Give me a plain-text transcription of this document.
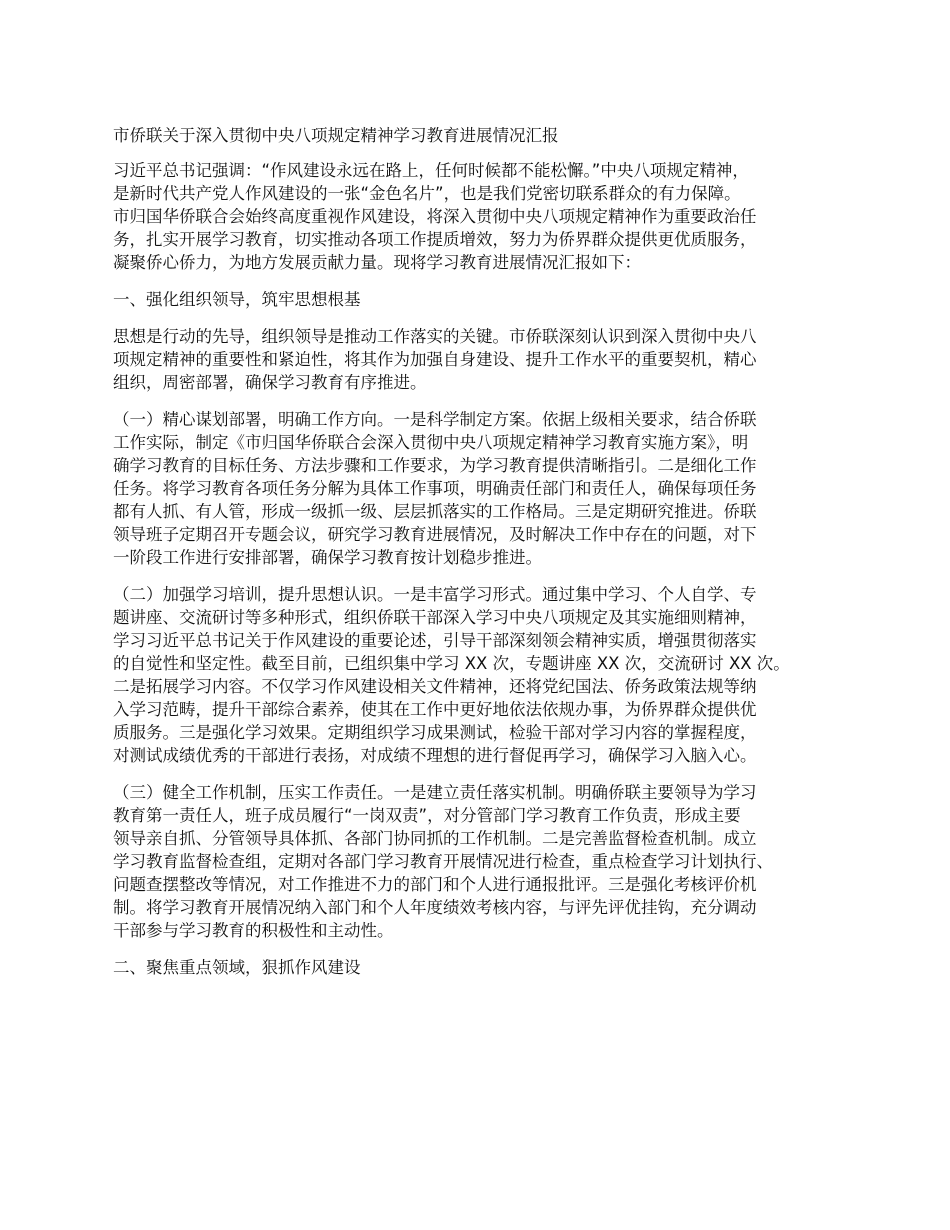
市侨联关于深入贯彻中央八项规定精神学习教育进展情况汇报
习近平总书记强调：“作风建设永远在路上，任何时候都不能松懈。”中央八项规定精神，
是新时代共产党人作风建设的一张“金色名片”，也是我们党密切联系群众的有力保障。
市归国华侨联合会始终高度重视作风建设，将深入贯彻中央八项规定精神作为重要政治任
务，扎实开展学习教育，切实推动各项工作提质增效，努力为侨界群众提供更优质服务，
凝聚侨心侨力，为地方发展贡献力量。现将学习教育进展情况汇报如下：
一、强化组织领导，筑牢思想根基
思想是行动的先导，组织领导是推动工作落实的关键。市侨联深刻认识到深入贯彻中央八
项规定精神的重要性和紧迫性，将其作为加强自身建设、提升工作水平的重要契机，精心
组织，周密部署，确保学习教育有序推进。
（一）精心谋划部署，明确工作方向。一是科学制定方案。依据上级相关要求，结合侨联
工作实际，制定《市归国华侨联合会深入贯彻中央八项规定精神学习教育实施方案》，明
确学习教育的目标任务、方法步骤和工作要求，为学习教育提供清晰指引。二是细化工作
任务。将学习教育各项任务分解为具体工作事项，明确责任部门和责任人，确保每项任务
都有人抓、有人管，形成一级抓一级、层层抓落实的工作格局。三是定期研究推进。侨联
领导班子定期召开专题会议，研究学习教育进展情况，及时解决工作中存在的问题，对下
一阶段工作进行安排部署，确保学习教育按计划稳步推进。
（二）加强学习培训，提升思想认识。一是丰富学习形式。通过集中学习、个人自学、专
题讲座、交流研讨等多种形式，组织侨联干部深入学习中央八项规定及其实施细则精神，
学习习近平总书记关于作风建设的重要论述，引导干部深刻领会精神实质，增强贯彻落实
的自觉性和坚定性。截至目前，已组织集中学习 XX 次，专题讲座 XX 次，交流研讨 XX 次。
二是拓展学习内容。不仅学习作风建设相关文件精神，还将党纪国法、侨务政策法规等纳
入学习范畴，提升干部综合素养，使其在工作中更好地依法依规办事，为侨界群众提供优
质服务。三是强化学习效果。定期组织学习成果测试，检验干部对学习内容的掌握程度，
对测试成绩优秀的干部进行表扬，对成绩不理想的进行督促再学习，确保学习入脑入心。
（三）健全工作机制，压实工作责任。一是建立责任落实机制。明确侨联主要领导为学习
教育第一责任人，班子成员履行“一岗双责”，对分管部门学习教育工作负责，形成主要
领导亲自抓、分管领导具体抓、各部门协同抓的工作机制。二是完善监督检查机制。成立
学习教育监督检查组，定期对各部门学习教育开展情况进行检查，重点检查学习计划执行、
问题查摆整改等情况，对工作推进不力的部门和个人进行通报批评。三是强化考核评价机
制。将学习教育开展情况纳入部门和个人年度绩效考核内容，与评先评优挂钩，充分调动
干部参与学习教育的积极性和主动性。
二、聚焦重点领域，狠抓作风建设
